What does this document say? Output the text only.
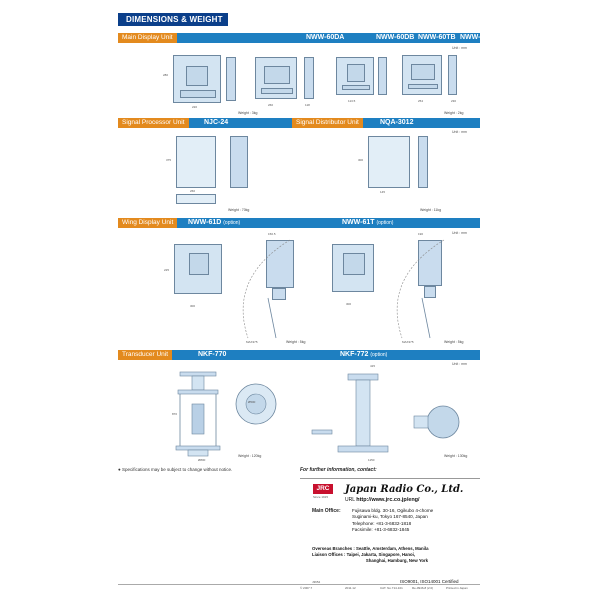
DIMENSIONS & WEIGHT
Main Display Unit	NWW-60DA	NWW-60DB	NWW-60TA
NWW-60TB
Unit : mm
280
220	260	118
113.5	254	230
Weight : 3kg	Weight : 2kg
Signal Processor Unit	NJC-24	Signal Distributor Unit	NQA-3012
Unit : mm
375
260
Weight : 70kg
300
145
Weight : 11kg
Wing Display Unit	NWW-61D (option)	NWW-61T (option)
Unit : mm
150.5
225
300
MAX375	Weight : 5kg
190
300
MAX375	Weight : 5kg
Transducer Unit	NKF-770	NKF-772 (option)
Unit : mm
870
Ø500
Ø800
Weight : 120kg
415
1150
Weight : 130kg
● Specifications may be subject to change without notice.	For further information, contact:
JRC
Since 1915
Japan Radio Co., Ltd.
URL http://www.jrc.co.jp/eng/
Main Office: Fujisawa bldg. 30-16, Ogikubo 4-chome
Suginami-ku, Tokyo 167-8540, Japan
Telephone: +81-3-6832-1818
Facsimile: +81-3-6832-1845
Overseas Branches : Seattle, Amsterdam, Athens, Manila
Liaison Offices : Taipei, Jakarta, Singapore, Hanoi,

Shanghai, Hamburg, New York
J3654	ISO9001, ISO14001 Certified
© 2007.7	2011.12	CAT. No.714-101	Re-0946-8 (2.0)	Printed in Japan
